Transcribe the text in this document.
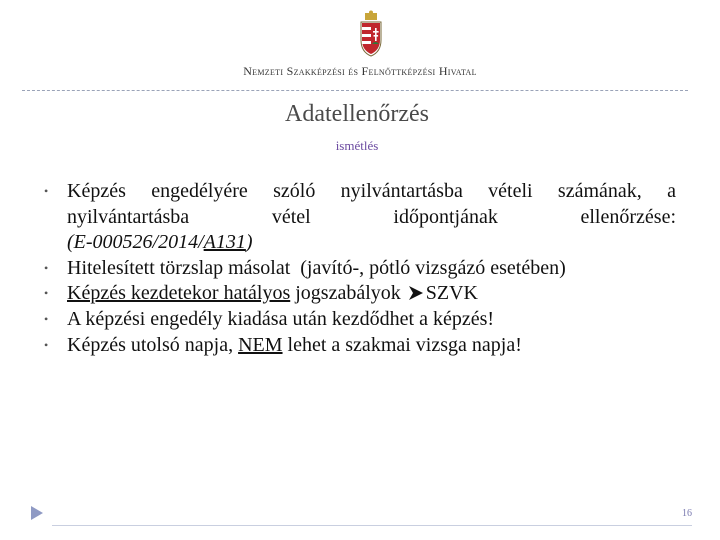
Nemzeti Szakképzési és Felnőttképzési Hivatal
Adatellenőrzés
ismétlés
• Képzés engedélyére szóló nyilvántartásba vételi számának, a nyilvántartásba vétel időpontjának ellenőrzése:
(E-000526/2014/A131)
• Hitelesített törzslap másolat  (javító-, pótló vizsgázó esetében)
• Képzés kezdetekor hatályos jogszabályok SZVK
• A képzési engedély kiadása után kezdődhet a képzés!
• Képzés utolsó napja, NEM lehet a szakmai vizsga napja!
16
